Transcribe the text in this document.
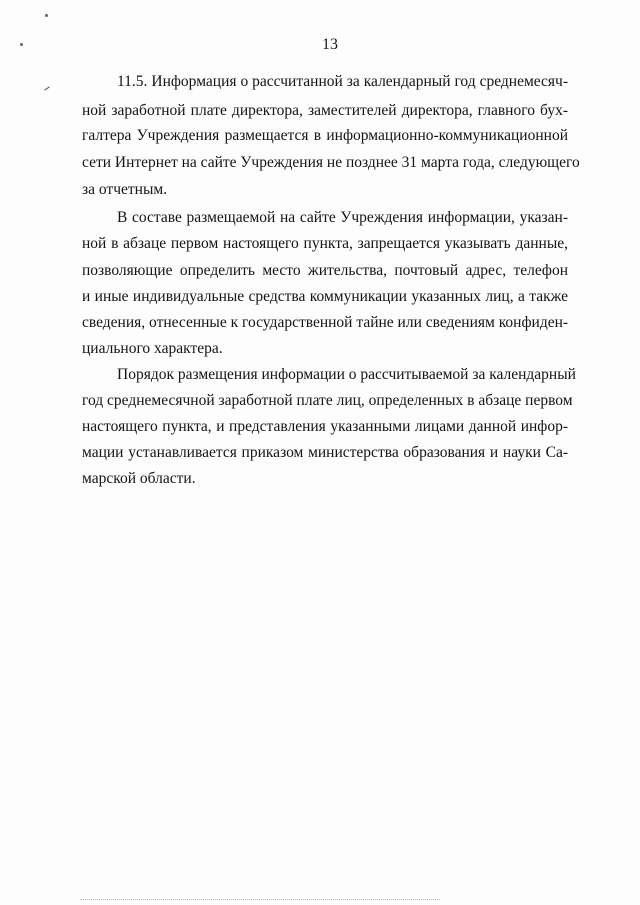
13
11.5. Информация о рассчитанной за календарный год среднемесяч-
ной заработной плате директора, заместителей директора, главного бух-
галтера Учреждения размещается в информационно-коммуникационной
сети Интернет на сайте Учреждения не позднее 31 марта года, следующего
за отчетным.
В составе размещаемой на сайте Учреждения информации, указан-
ной в абзаце первом настоящего пункта, запрещается указывать данные,
позволяющие определить место жительства, почтовый адрес, телефон
и иные индивидуальные средства коммуникации указанных лиц, а также
сведения, отнесенные к государственной тайне или сведениям конфиден-
циального характера.
Порядок размещения информации о рассчитываемой за календарный
год среднемесячной заработной плате лиц, определенных в абзаце первом
настоящего пункта, и представления указанными лицами данной инфор-
мации устанавливается приказом министерства образования и науки Са-
марской области.
